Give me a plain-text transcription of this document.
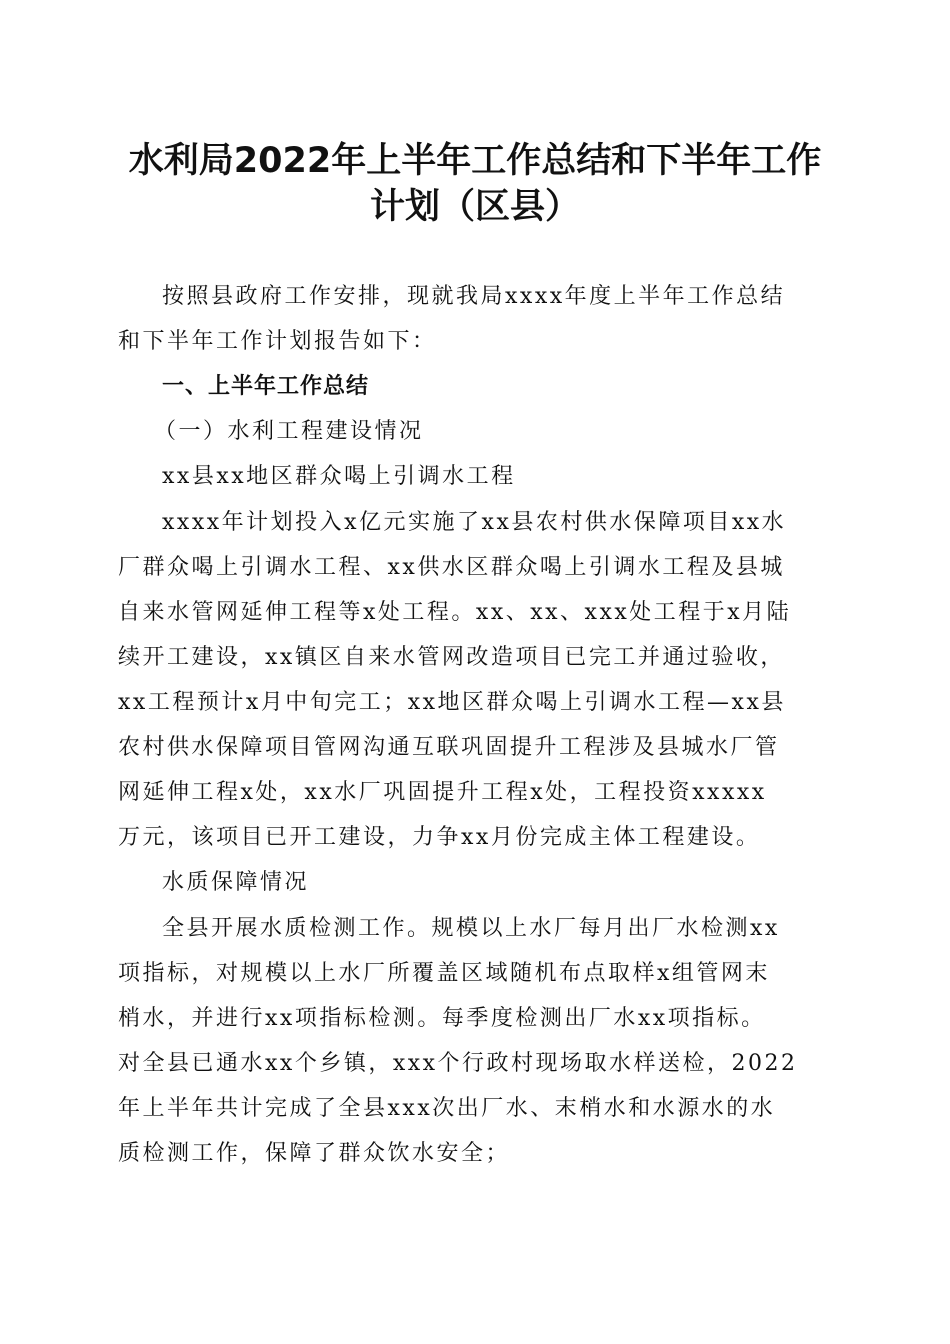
水利局2022年上半年工作总结和下半年工作
计划（区县）
按照县政府工作安排，现就我局xxxx年度上半年工作总结
和下半年工作计划报告如下：
一、上半年工作总结
（一）水利工程建设情况
xx县xx地区群众喝上引调水工程
xxxx年计划投入x亿元实施了xx县农村供水保障项目xx水
厂群众喝上引调水工程、xx供水区群众喝上引调水工程及县城
自来水管网延伸工程等x处工程。xx、xx、xxx处工程于x月陆
续开工建设，xx镇区自来水管网改造项目已完工并通过验收，
xx工程预计x月中旬完工；xx地区群众喝上引调水工程—xx县
农村供水保障项目管网沟通互联巩固提升工程涉及县城水厂管
网延伸工程x处，xx水厂巩固提升工程x处，工程投资xxxxx
万元，该项目已开工建设，力争xx月份完成主体工程建设。
水质保障情况
全县开展水质检测工作。规模以上水厂每月出厂水检测xx
项指标，对规模以上水厂所覆盖区域随机布点取样x组管网末
梢水，并进行xx项指标检测。每季度检测出厂水xx项指标。
对全县已通水xx个乡镇，xxx个行政村现场取水样送检，2022
年上半年共计完成了全县xxx次出厂水、末梢水和水源水的水
质检测工作，保障了群众饮水安全；
